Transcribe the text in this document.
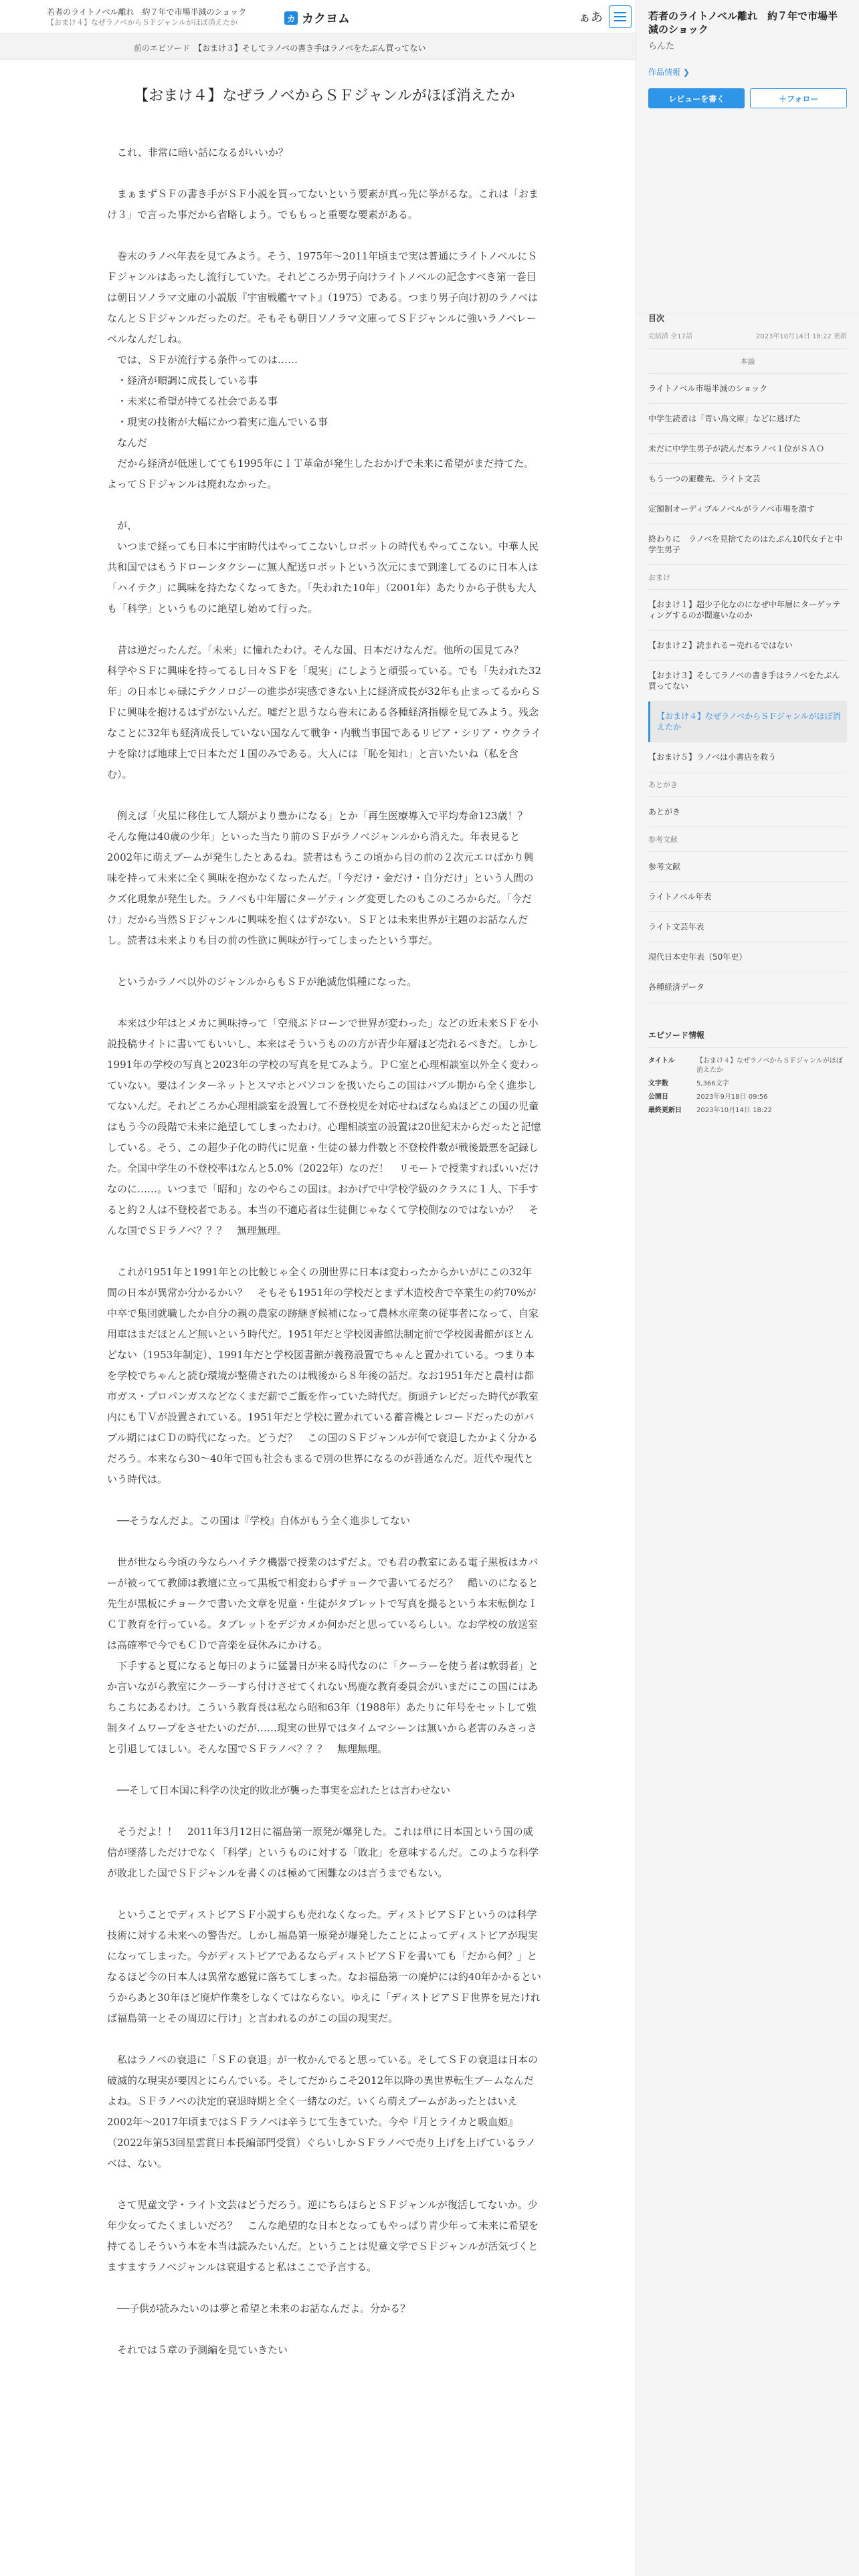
若者のライトノベル離れ　約７年で市場半減のショック
【おまけ４】なぜラノベからＳＦジャンルがほぼ消えたか	カ カクヨム	ぁあ
前のエピソード 【おまけ３】そしてラノベの書き手はラノベをたぶん買ってない
【おまけ４】なぜラノベからＳＦジャンルがほぼ消えたか

　これ、非常に暗い話になるがいいか？

　まぁまずＳＦの書き手がＳＦ小説を買ってないという要素が真っ先に挙がるな。これは「おまけ３」で言った事だから省略しよう。でももっと重要な要素がある。

　巻末のラノベ年表を見てみよう。そう、1975年〜2011年頃まで実は普通にライトノベルにＳＦジャンルはあったし流行していた。それどころか男子向けライトノベルの記念すべき第一巻目は朝日ソノラマ文庫の小説版『宇宙戦艦ヤマト』（1975）である。つまり男子向け初のラノベはなんとＳＦジャンルだったのだ。そもそも朝日ソノラマ文庫ってＳＦジャンルに強いラノベレーベルなんだしね。

　では、ＳＦが流行する条件ってのは……

　・経済が順調に成長している事

　・未来に希望が持てる社会である事

　・現実の技術が大幅にかつ着実に進んでいる事

　なんだ

　だから経済が低迷してても1995年にＩＴ革命が発生したおかげで未来に希望がまだ持てた。よってＳＦジャンルは廃れなかった。

　が、

　いつまで経っても日本に宇宙時代はやってこないしロボットの時代もやってこない。中華人民共和国ではもうドローンタクシーに無人配送ロボットという次元にまで到達してるのに日本人は「ハイテク」に興味を持たなくなってきた。「失われた10年」（2001年）あたりから子供も大人も「科学」というものに絶望し始めて行った。

　昔は逆だったんだ。「未来」に憧れたわけ。そんな国、日本だけなんだ。他所の国見てみ？　科学やＳＦに興味を持ってるし日々ＳＦを「現実」にしようと頑張っている。でも「失われた32年」の日本じゃ碌にテクノロジーの進歩が実感できない上に経済成長が32年も止まってるからＳＦに興味を抱けるはずがないんだ。嘘だと思うなら巻末にある各種経済指標を見てみよう。残念なことに32年も経済成長していない国なんて戦争・内戦当事国であるリビア・シリア・ウクライナを除けば地球上で日本ただ１国のみである。大人には「恥を知れ」と言いたいね（私を含む）。

　例えば「火星に移住して人類がより豊かになる」とか「再生医療導入で平均寿命123歳！？　そんな俺は40歳の少年」といった当たり前のＳＦがラノベジャンルから消えた。年表見ると2002年に萌えブームが発生したとあるね。読者はもうこの頃から目の前の２次元エロばかり興味を持って未来に全く興味を抱かなくなったんだ。「今だけ・金だけ・自分だけ」という人間のクズ化現象が発生した。ラノベも中年層にターゲティング変更したのもこのころからだ。「今だけ」だから当然ＳＦジャンルに興味を抱くはずがない。ＳＦとは未来世界が主題のお話なんだし。読者は未来よりも目の前の性欲に興味が行ってしまったという事だ。

　というかラノベ以外のジャンルからもＳＦが絶滅危惧種になった。

　本来は少年はとメカに興味持って「空飛ぶドローンで世界が変わった」などの近未来ＳＦを小説投稿サイトに書いてもいいし、本来はそういうものの方が青少年層ほど売れるべきだ。しかし1991年の学校の写真と2023年の学校の写真を見てみよう。ＰＣ室と心理相談室以外全く変わっていない。要はインターネットとスマホとパソコンを扱いたらこの国はバブル期から全く進歩してないんだ。それどころか心理相談室を設置して不登校児を対応せねばならぬほどこの国の児童はもう今の段階で未来に絶望してしまったわけ。心理相談室の設置は20世紀末からだったと記憶している。そう、この超少子化の時代に児童・生徒の暴力件数と不登校件数が戦後最悪を記録した。全国中学生の不登校率はなんと5.0%（2022年）なのだ！　リモートで授業すればいいだけなのに……。いつまで「昭和」なのやらこの国は。おかげで中学校学級のクラスに１人、下手すると約２人は不登校者である。本当の不適応者は生徒側じゃなくて学校側なのではないか？　そんな国でＳＦラノベ？？？　無理無理。

　これが1951年と1991年との比較じゃ全くの別世界に日本は変わったからかいがにこの32年間の日本が異常か分かるかい？　そもそも1951年の学校だとまず木造校舎で卒業生の約70%が中卒で集団就職したか自分の親の農家の跡継ぎ候補になって農林水産業の従事者になって、自家用車はまだほとんど無いという時代だ。1951年だと学校図書館法制定前で学校図書館がほとんどない（1953年制定）、1991年だと学校図書館が義務設置でちゃんと置かれている。つまり本を学校でちゃんと読む環境が整備されたのは戦後から８年後の話だ。なお1951年だと農村は都市ガス・プロパンガスなどなくまだ薪でご飯を作っていた時代だ。街頭テレビだった時代が教室内にもＴＶが設置されている。1951年だと学校に置かれている蓄音機とレコードだったのがバブル期にはＣＤの時代になった。どうだ？　この国のＳＦジャンルが何で衰退したかよく分かるだろう。本来なら30〜40年で国も社会もまるで別の世界になるのが普通なんだ。近代や現代という時代は。

　──そうなんだよ。この国は『学校』自体がもう全く進歩してない

　世が世なら今頃の今ならハイテク機器で授業のはずだよ。でも君の教室にある電子黒板はカバーが被ってて教師は教壇に立って黒板で相変わらずチョークで書いてるだろ？　酷いのになると先生が黒板にチョークで書いた文章を児童・生徒がタブレットで写真を撮るという本末転倒なＩＣＴ教育を行っている。タブレットをデジカメか何かだと思っているらしい。なお学校の放送室は高確率で今でもＣＤで音楽を昼休みにかける。

　下手すると夏になると毎日のように猛暑日が来る時代なのに「クーラーを使う者は軟弱者」とか言いながら教室にクーラーすら付けさせてくれない馬鹿な教育委員会がいまだにこの国にはあちこちにあるわけ。こういう教育長は私なら昭和63年（1988年）あたりに年号をセットして強制タイムワープをさせたいのだが……現実の世界ではタイムマシーンは無いから老害のみさっさと引退してほしい。そんな国でＳＦラノベ？？？　無理無理。

　──そして日本国に科学の決定的敗北が襲った事実を忘れたとは言わせない

　そうだよ！！　2011年3月12日に福島第一原発が爆発した。これは単に日本国という国の威信が墜落しただけでなく「科学」というものに対する「敗北」を意味するんだ。このような科学が敗北した国でＳＦジャンルを書くのは極めて困難なのは言うまでもない。

　ということでディストピアＳＦ小説すらも売れなくなった。ディストピアＳＦというのは科学技術に対する未来への警告だ。しかし福島第一原発が爆発したことによってディストピアが現実になってしまった。今がディストピアであるならディストピアＳＦを書いても「だから何？」となるほど今の日本人は異常な感覚に落ちてしまった。なお福島第一の廃炉には約40年かかるというからあと30年ほど廃炉作業をしなくてはならない。ゆえに「ディストピアＳＦ世界を見たければ福島第一とその周辺に行け」と言われるのがこの国の現実だ。

　私はラノベの衰退に「ＳＦの衰退」が一枚かんでると思っている。そしてＳＦの衰退は日本の破滅的な現実が要因とにらんでいる。そしてだからこそ2012年以降の異世界転生ブームなんだよね。ＳＦラノベの決定的衰退時期と全く一緒なのだ。いくら萌えブームがあったとはいえ2002年〜2017年頃まではＳＦラノベは辛うじて生きていた。今や『月とライカと吸血姫』（2022年第53回星雲賞日本長編部門受賞）ぐらいしかＳＦラノベで売り上げを上げているラノベは、ない。

　さて児童文学・ライト文芸はどうだろう。逆にちらほらとＳＦジャンルが復活してないか。少年少女ってたくましいだろ？　こんな絶望的な日本となってもやっぱり青少年って未来に希望を持てるしそういう本を本当は読みたいんだ。ということは児童文学でＳＦジャンルが活気づくとますますラノベジャンルは衰退すると私はここで予言する。

　──子供が読みたいのは夢と希望と未来のお話なんだよ。分かる？

　それでは５章の予測編を見ていきたい

若者のライトノベル離れ　約７年で市場半減のショック
らんた
作品情報 ❯
レビューを書く	＋フォロー
目次
完結済 全17話	2023年10月14日 18:22 更新
本論
ライトノベル市場半減のショック
中学生読者は「青い鳥文庫」などに逃げた
未だに中学生男子が読んだ本ラノベ１位がＳＡＯ
もう一つの避難先、ライト文芸
定額制オーディブルノベルがラノベ市場を潰す
終わりに　ラノベを見捨てたのはたぶん10代女子と中学生男子
おまけ
【おまけ１】超少子化なのになぜ中年層にターゲッティングするのが間違いなのか
【おまけ２】読まれる＝売れるではない
【おまけ３】そしてラノベの書き手はラノベをたぶん買ってない
【おまけ４】なぜラノベからＳＦジャンルがほぼ消えたか
【おまけ５】ラノベは小書店を救う
あとがき
あとがき
参考文献
参考文献
ライトノベル年表
ライト文芸年表
現代日本史年表（50年史）
各種経済データ
エピソード情報
タイトル	【おまけ４】なぜラノベからＳＦジャンルがほぼ消えたか
文字数	5,366文字
公開日	2023年9月18日 09:56
最終更新日	2023年10月14日 18:22
